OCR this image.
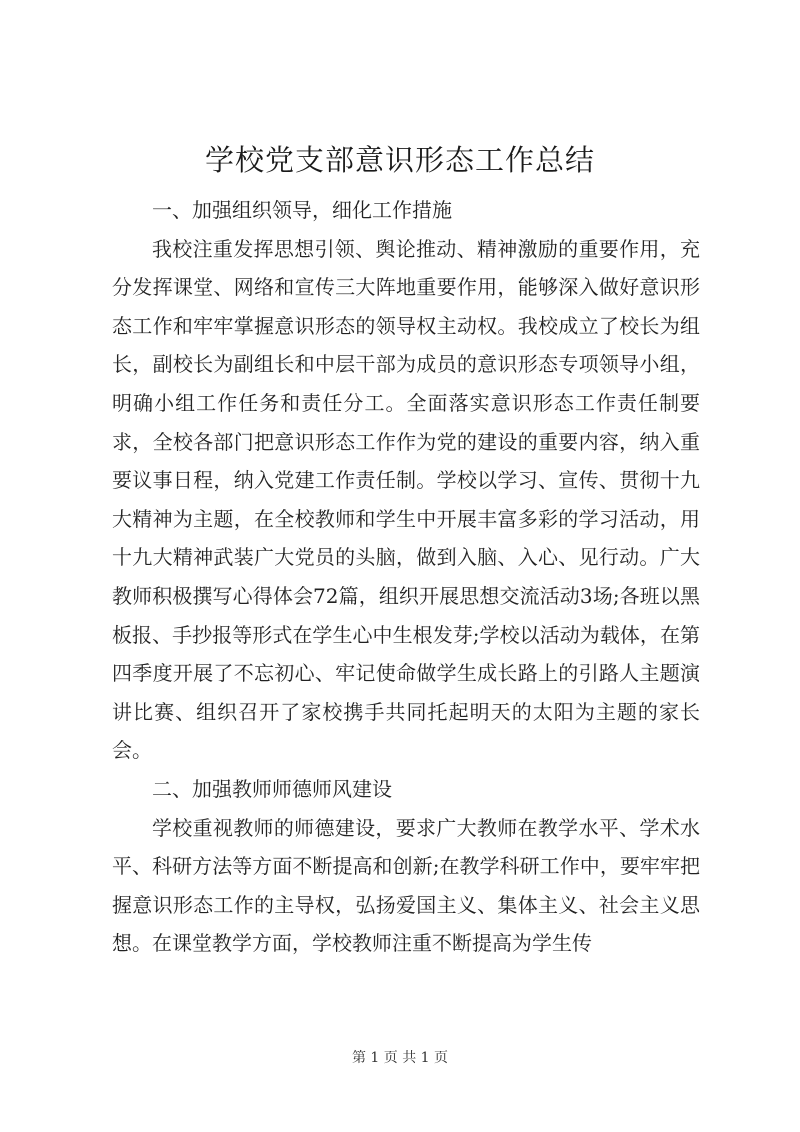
学校党支部意识形态工作总结

一、加强组织领导，细化工作措施

我校注重发挥思想引领、舆论推动、精神激励的重要作用，充分发挥课堂、网络和宣传三大阵地重要作用，能够深入做好意识形态工作和牢牢掌握意识形态的领导权主动权。我校成立了校长为组长，副校长为副组长和中层干部为成员的意识形态专项领导小组，明确小组工作任务和责任分工。全面落实意识形态工作责任制要求，全校各部门把意识形态工作作为党的建设的重要内容，纳入重要议事日程，纳入党建工作责任制。学校以学习、宣传、贯彻十九大精神为主题，在全校教师和学生中开展丰富多彩的学习活动，用十九大精神武装广大党员的头脑，做到入脑、入心、见行动。广大教师积极撰写心得体会72篇，组织开展思想交流活动3场;各班以黑板报、手抄报等形式在学生心中生根发芽;学校以活动为载体，在第四季度开展了不忘初心、牢记使命做学生成长路上的引路人主题演讲比赛、组织召开了家校携手共同托起明天的太阳为主题的家长会。

二、加强教师师德师风建设

学校重视教师的师德建设，要求广大教师在教学水平、学术水平、科研方法等方面不断提高和创新;在教学科研工作中，要牢牢把握意识形态工作的主导权，弘扬爱国主义、集体主义、社会主义思想。在课堂教学方面，学校教师注重不断提高为学生传

第 1 页 共 1 页
